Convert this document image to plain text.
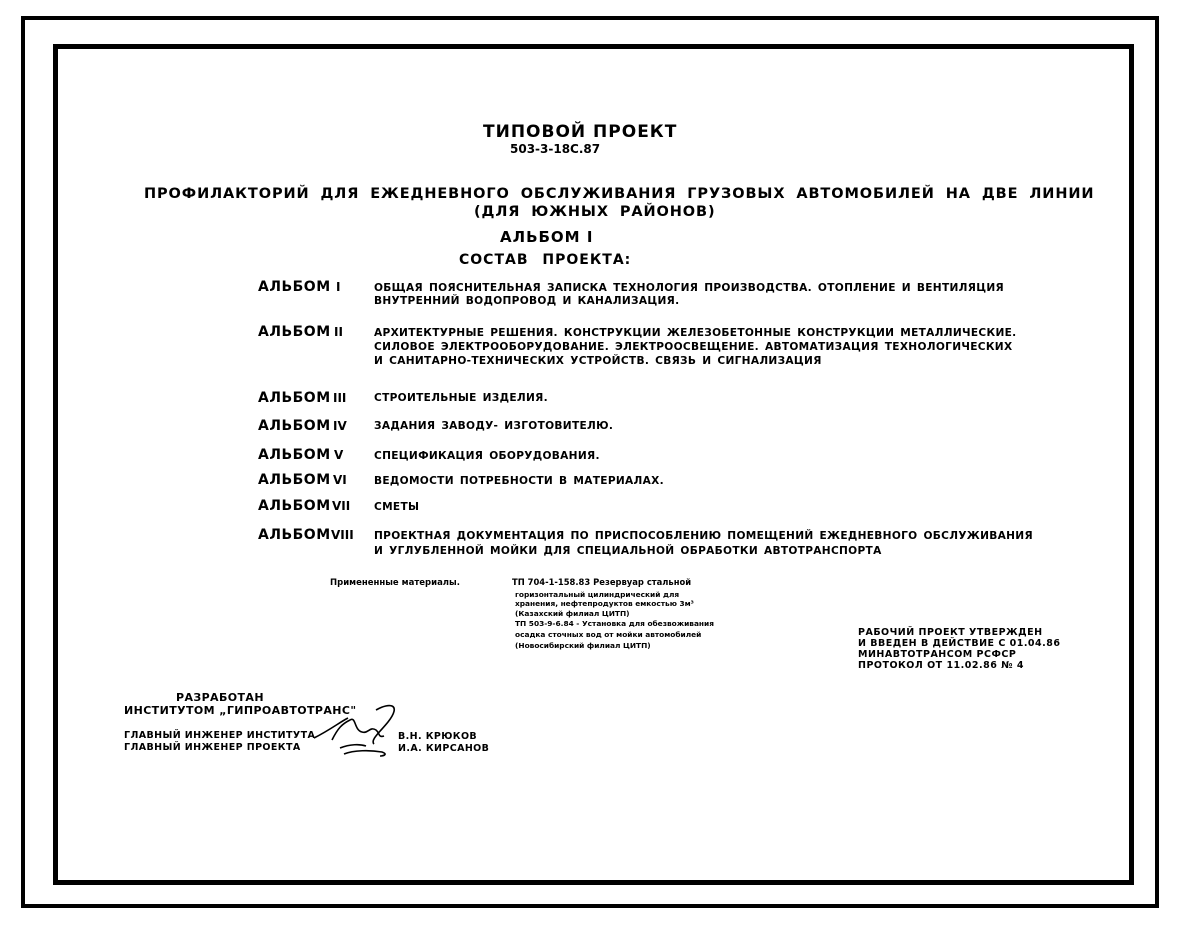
ТИПОВОЙ ПРОЕКТ
503-3-18С.87
ПРОФИЛАКТОРИЙ ДЛЯ ЕЖЕДНЕВНОГО ОБСЛУЖИВАНИЯ ГРУЗОВЫХ АВТОМОБИЛЕЙ НА ДВЕ ЛИНИИ
(ДЛЯ ЮЖНЫХ РАЙОНОВ)
АЛЬБОМ I
СОСТАВ ПРОЕКТА:
АЛЬБОМ I	ОБЩАЯ ПОЯСНИТЕЛЬНАЯ ЗАПИСКА ТЕХНОЛОГИЯ ПРОИЗВОДСТВА. ОТОПЛЕНИЕ И ВЕНТИЛЯЦИЯ
ВНУТРЕННИЙ ВОДОПРОВОД И КАНАЛИЗАЦИЯ.
АЛЬБОМ II	АРХИТЕКТУРНЫЕ РЕШЕНИЯ. КОНСТРУКЦИИ ЖЕЛЕЗОБЕТОННЫЕ КОНСТРУКЦИИ МЕТАЛЛИЧЕСКИЕ.
СИЛОВОЕ ЭЛЕКТРООБОРУДОВАНИЕ. ЭЛЕКТРООСВЕЩЕНИЕ. АВТОМАТИЗАЦИЯ ТЕХНОЛОГИЧЕСКИХ
И САНИТАРНО-ТЕХНИЧЕСКИХ УСТРОЙСТВ. СВЯЗЬ И СИГНАЛИЗАЦИЯ
АЛЬБОМ III	СТРОИТЕЛЬНЫЕ ИЗДЕЛИЯ.
АЛЬБОМ IV	ЗАДАНИЯ ЗАВОДУ- ИЗГОТОВИТЕЛЮ.
АЛЬБОМ V	СПЕЦИФИКАЦИЯ ОБОРУДОВАНИЯ.
АЛЬБОМ VI	ВЕДОМОСТИ ПОТРЕБНОСТИ В МАТЕРИАЛАХ.
АЛЬБОМ VII СМЕТЫ
АЛЬБОМ VIII ПРОЕКТНАЯ ДОКУМЕНТАЦИЯ ПО ПРИСПОСОБЛЕНИЮ ПОМЕЩЕНИЙ ЕЖЕДНЕВНОГО ОБСЛУЖИВАНИЯ
И УГЛУБЛЕННОЙ МОЙКИ ДЛЯ СПЕЦИАЛЬНОЙ ОБРАБОТКИ АВТОТРАНСПОРТА
Примененные материалы.	ТП 704-1-158.83 Резервуар стальной
горизонтальный цилиндрический для
хранения, нефтепродуктов емкостью 3м³
(Казахский филиал ЦИТП)
ТП 503-9-6.84 - Установка для обезвоживания
осадка сточных вод от мойки автомобилей
(Новосибирский филиал ЦИТП)
РАБОЧИЙ ПРОЕКТ УТВЕРЖДЕН
И ВВЕДЕН В ДЕЙСТВИЕ С 01.04.86
МИНАВТОТРАНСОМ РСФСР
ПРОТОКОЛ ОТ 11.02.86 № 4
РАЗРАБОТАН
ИНСТИТУТОМ „ГИПРОАВТОТРАНС"
ГЛАВНЫЙ ИНЖЕНЕР ИНСТИТУТА	В.Н. КРЮКОВ
ГЛАВНЫЙ ИНЖЕНЕР ПРОЕКТА	И.А. КИРСАНОВ
